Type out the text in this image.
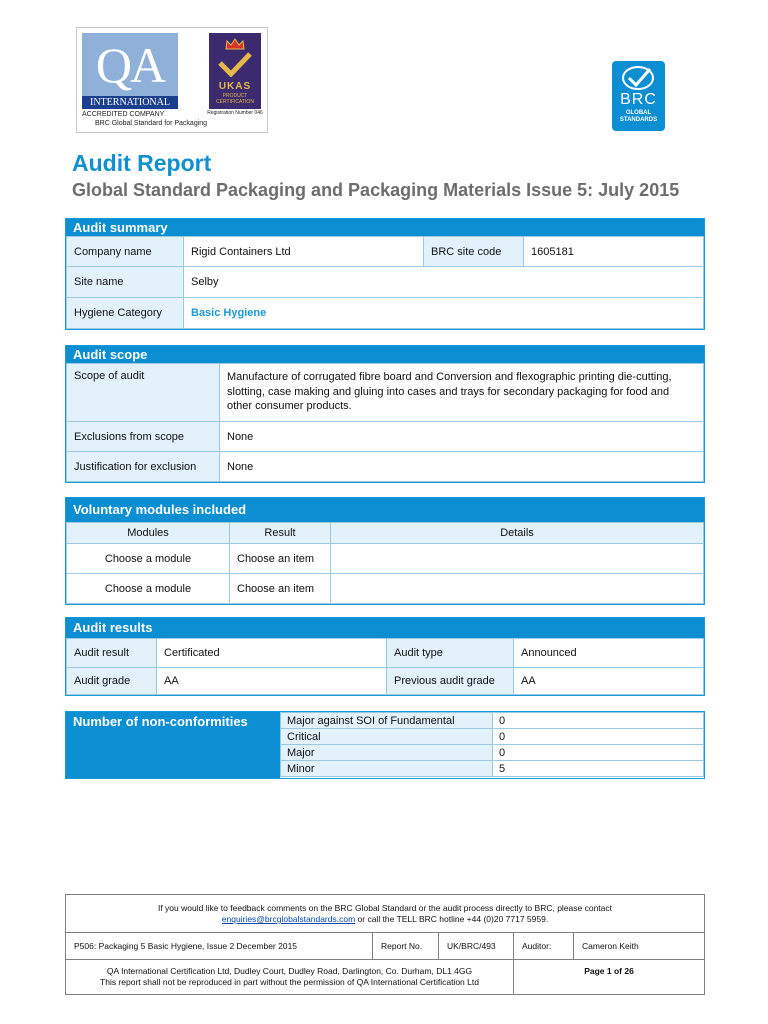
QA
INTERNATIONAL
ACCREDITED COMPANY
BRC Global Standard for Packaging
UKAS
PRODUCT CERTIFICATION
Registration Number 046
BRC
GLOBAL STANDARDS
Audit Report
Global Standard Packaging and Packaging Materials Issue 5: July 2015
Audit summary
Company name	Rigid Containers Ltd	BRC site code	1605181
Site name	Selby		
Hygiene Category	Basic Hygiene		
Audit scope
Scope of audit	Manufacture of corrugated fibre board and Conversion and flexographic printing die-cutting, slotting, case making and gluing into cases and trays for secondary packaging for food and other consumer products.
Exclusions from scope	None
Justification for exclusion	None
Voluntary modules included
Modules	Result	Details
Choose a module	Choose an item	
Choose a module	Choose an item	
Audit results
Audit result	Certificated	Audit type	Announced
Audit grade	AA	Previous audit grade	AA
Number of non-conformities	Major against SOI of Fundamental	0
Critical	0
Major	0
Minor	5
If you would like to feedback comments on the BRC Global Standard or the audit process directly to BRC, please contact
enquiries@brcglobalstandards.com or call the TELL BRC hotline +44 (0)20 7717 5959.
P506: Packaging 5 Basic Hygiene, Issue 2 December 2015	Report No.	UK/BRC/493	Auditor:	Cameron Keith
QA International Certification Ltd, Dudley Court, Dudley Road, Darlington, Co. Durham, DL1 4GG
This report shall not be reproduced in part without the permission of QA International Certification Ltd
Page 1 of 26
